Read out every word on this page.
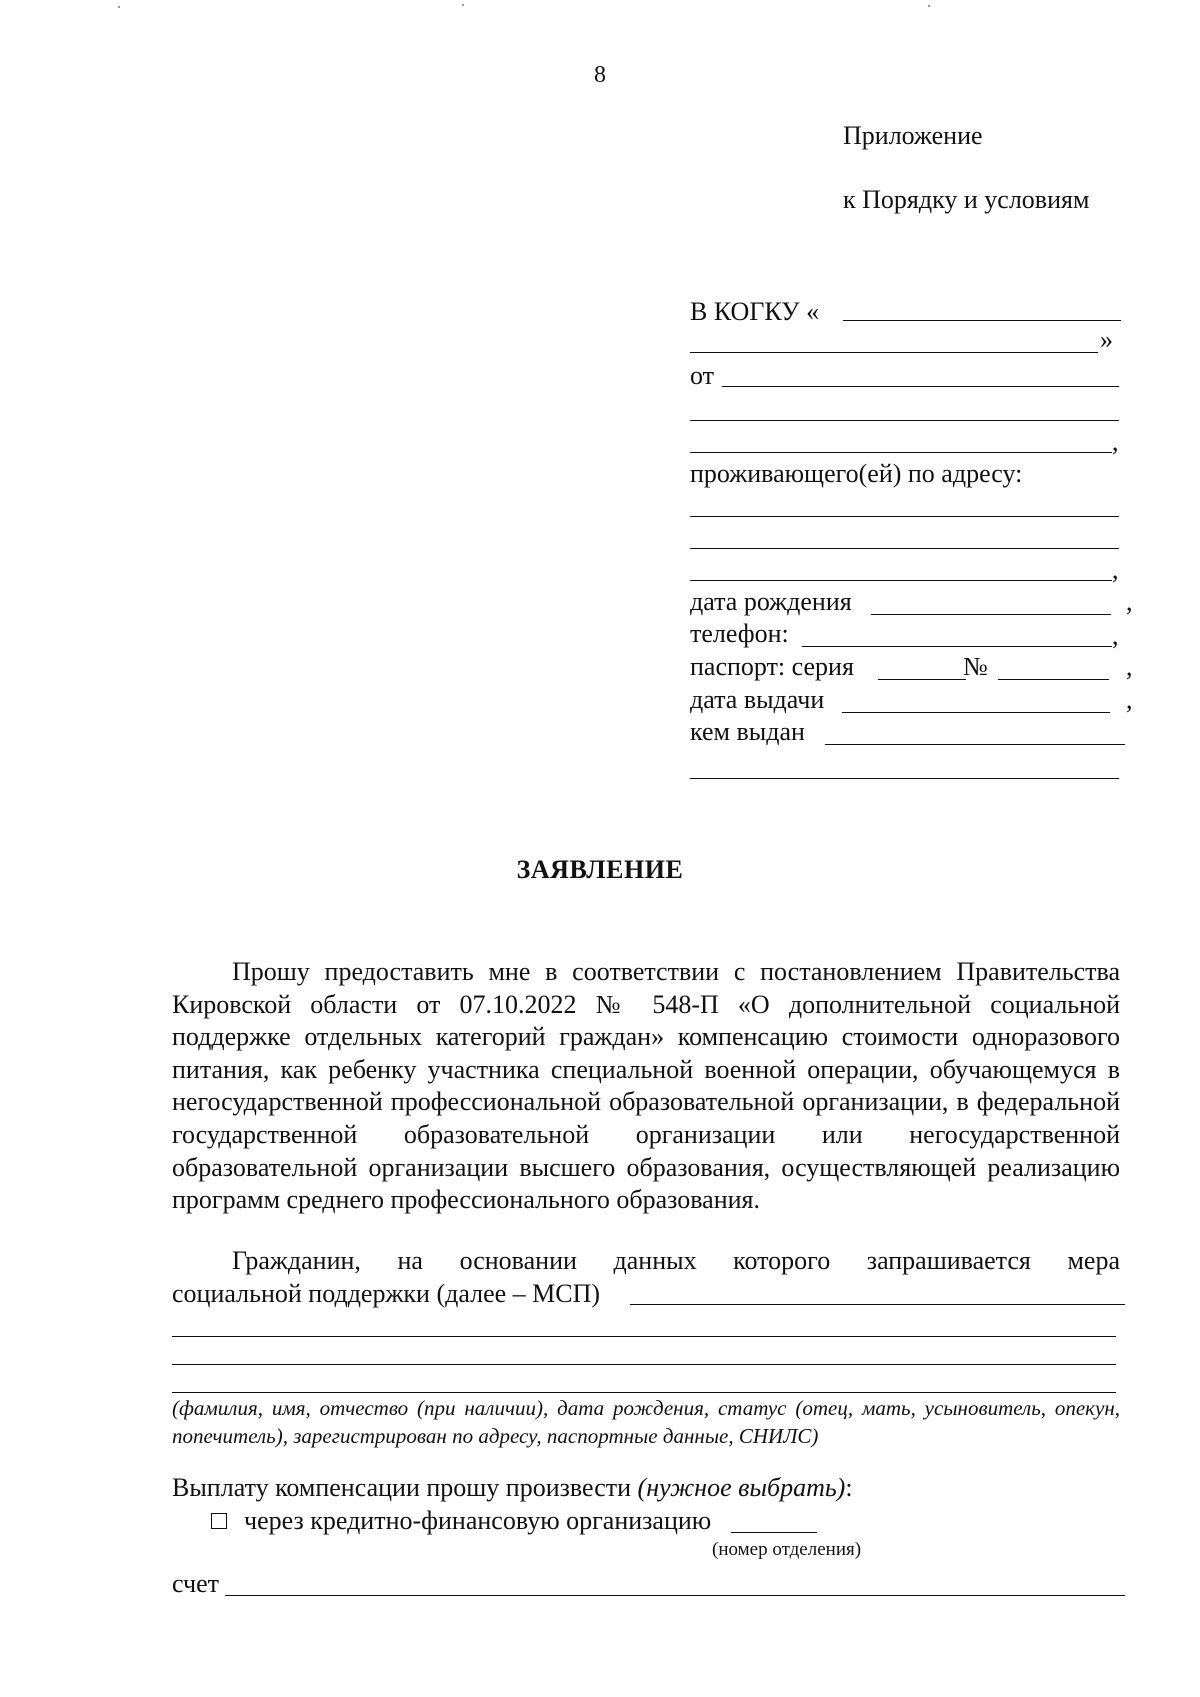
8
Приложение
к Порядку и условиям
В КОГКУ «
»
от
,
проживающего(ей) по адресу:
,
дата рождения	,
телефон:	,
паспорт: серия	№	,
дата выдачи	,
кем выдан
ЗАЯВЛЕНИЕ
Прошу предоставить мне в соответствии с постановлением Правительства Кировской области от 07.10.2022 № 548-П «О дополнительной социальной поддержке отдельных категорий граждан» компенсацию стоимости одноразового питания, как ребенку участника специальной военной операции, обучающемуся в негосударственной профессиональной образовательной организации, в федеральной государственной образовательной организации или негосударственной образовательной организации высшего образования, осуществляющей реализацию программ среднего профессионального образования.
Гражданин, на основании данных которого запрашивается мера
социальной поддержки (далее – МСП)
(фамилия, имя, отчество (при наличии), дата рождения, статус (отец, мать, усыновитель, опекун, попечитель), зарегистрирован по адресу, паспортные данные, СНИЛС)
Выплату компенсации прошу произвести (нужное выбрать):
через кредитно-финансовую организацию
(номер отделения)
счет
